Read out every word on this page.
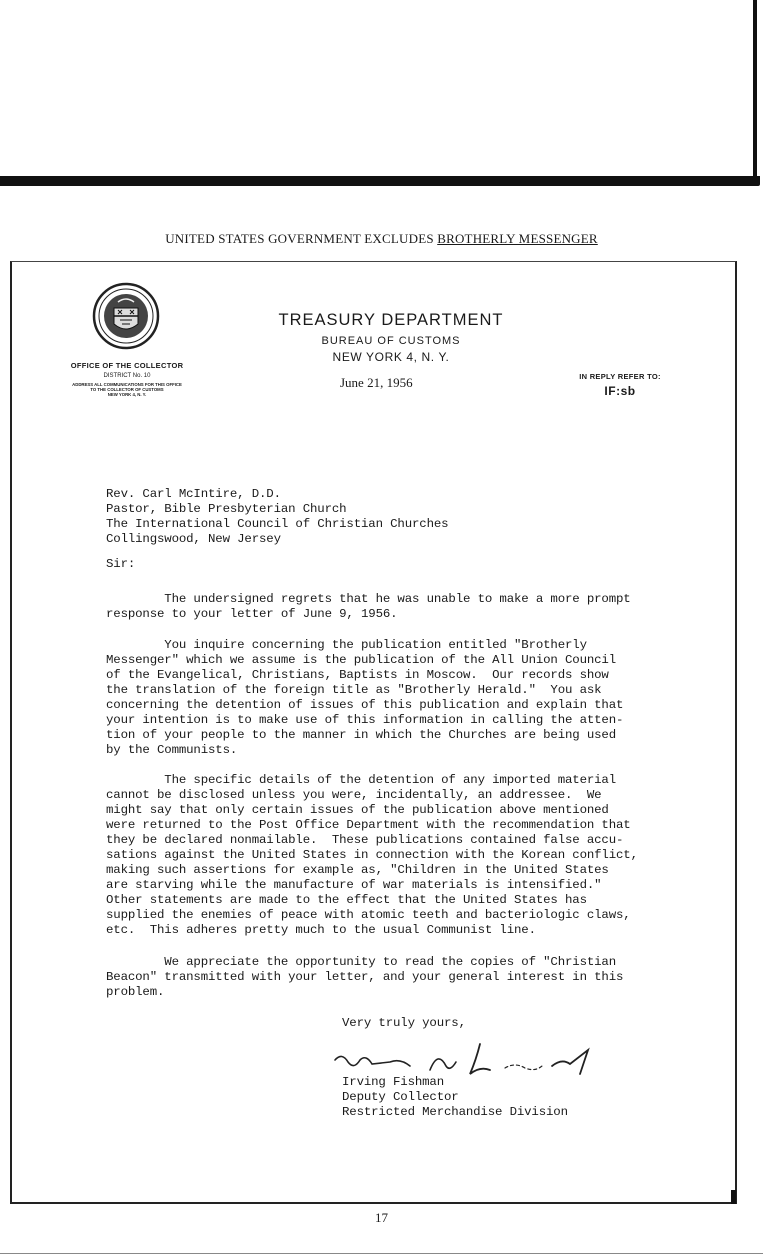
UNITED STATES GOVERNMENT EXCLUDES BROTHERLY MESSENGER
OFFICE OF THE COLLECTOR
DISTRICT No. 10
ADDRESS ALL COMMUNICATIONS FOR THIS OFFICE
TO THE COLLECTOR OF CUSTOMS
NEW YORK 4, N. Y.
TREASURY DEPARTMENT
BUREAU OF CUSTOMS
NEW YORK 4, N. Y.
June 21, 1956	IN REPLY REFER TO:
IF:sb
Rev. Carl McIntire, D.D.
Pastor, Bible Presbyterian Church
The International Council of Christian Churches
Collingswood, New Jersey
Sir:
The undersigned regrets that he was unable to make a more prompt
response to your letter of June 9, 1956.
You inquire concerning the publication entitled "Brotherly
Messenger" which we assume is the publication of the All Union Council
of the Evangelical, Christians, Baptists in Moscow.  Our records show
the translation of the foreign title as "Brotherly Herald."  You ask
concerning the detention of issues of this publication and explain that
your intention is to make use of this information in calling the atten-
tion of your people to the manner in which the Churches are being used
by the Communists.
The specific details of the detention of any imported material
cannot be disclosed unless you were, incidentally, an addressee.  We
might say that only certain issues of the publication above mentioned
were returned to the Post Office Department with the recommendation that
they be declared nonmailable.  These publications contained false accu-
sations against the United States in connection with the Korean conflict,
making such assertions for example as, "Children in the United States
are starving while the manufacture of war materials is intensified."
Other statements are made to the effect that the United States has
supplied the enemies of peace with atomic teeth and bacteriologic claws,
etc.  This adheres pretty much to the usual Communist line.
We appreciate the opportunity to read the copies of "Christian
Beacon" transmitted with your letter, and your general interest in this
problem.
Very truly yours,
Irving Fishman
Deputy Collector
Restricted Merchandise Division
17
